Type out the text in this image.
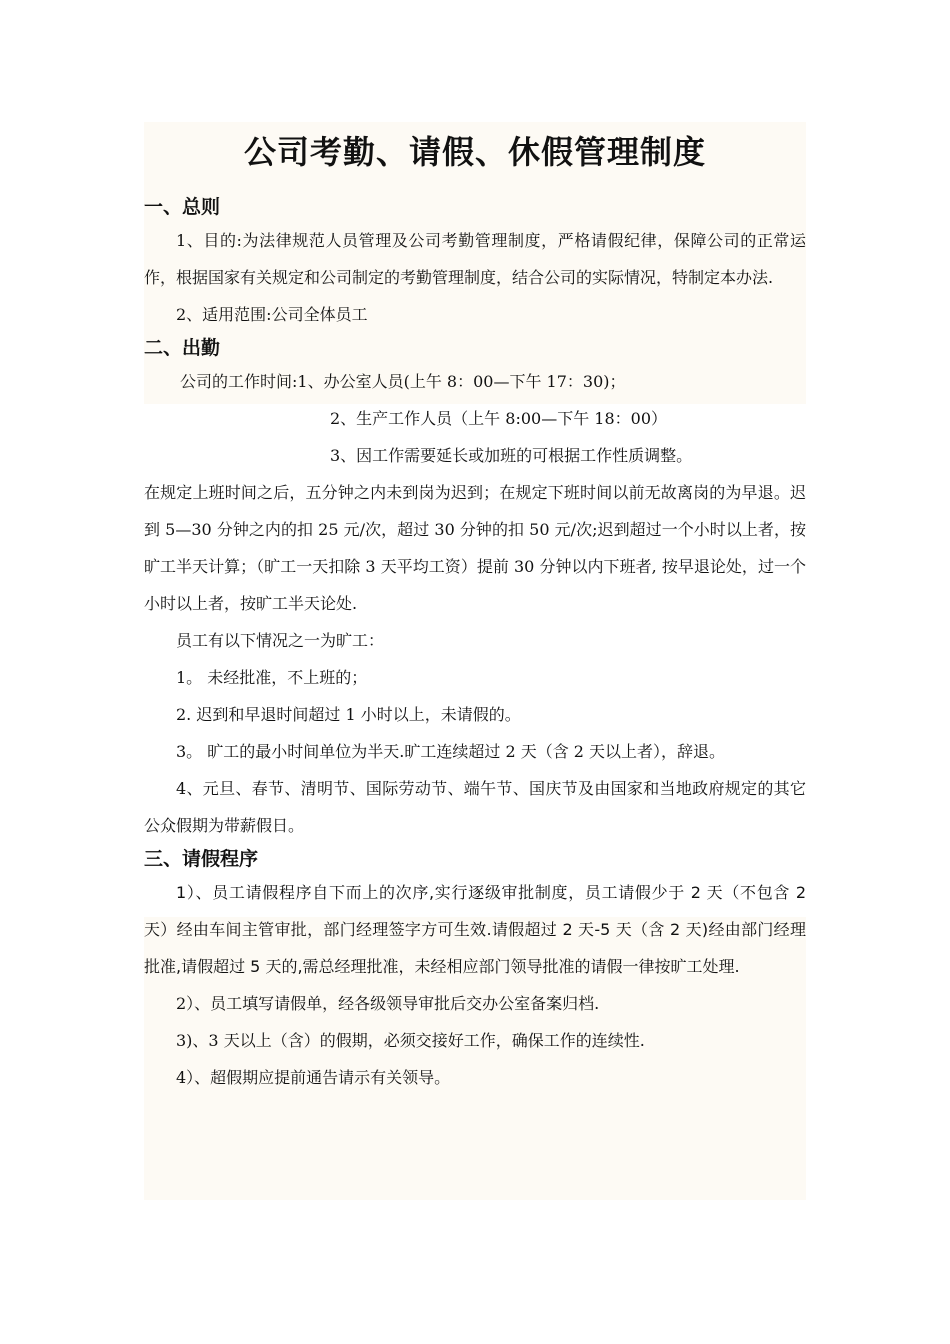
公司考勤、请假、休假管理制度
一、总则
1、目的:为法律规范人员管理及公司考勤管理制度，严格请假纪律，保障公司的正常运作，根据国家有关规定和公司制定的考勤管理制度，结合公司的实际情况，特制定本办法.
2、适用范围:公司全体员工
二、出勤
公司的工作时间:1、办公室人员(上午 8：00—下午 17：30)；
2、生产工作人员（上午 8:00—下午 18：00）
3、因工作需要延长或加班的可根据工作性质调整。
在规定上班时间之后，五分钟之内未到岗为迟到；在规定下班时间以前无故离岗的为早退。迟到 5—30 分钟之内的扣 25 元/次，超过 30 分钟的扣 50 元/次;迟到超过一个小时以上者，按旷工半天计算；（旷工一天扣除 3 天平均工资）提前 30 分钟以内下班者, 按早退论处，过一个小时以上者，按旷工半天论处.
员工有以下情况之一为旷工：
1。 未经批准，不上班的；
2. 迟到和早退时间超过 1 小时以上，未请假的。
3。 旷工的最小时间单位为半天.旷工连续超过 2 天（含 2 天以上者），辞退。
4、元旦、春节、清明节、国际劳动节、端午节、国庆节及由国家和当地政府规定的其它公众假期为带薪假日。
三、请假程序
1）、员工请假程序自下而上的次序,实行逐级审批制度，员工请假少于 2 天（不包含 2 天）经由车间主管审批，部门经理签字方可生效.请假超过 2 天-5 天（含 2 天)经由部门经理批准,请假超过 5 天的,需总经理批准，未经相应部门领导批准的请假一律按旷工处理.
2）、员工填写请假单，经各级领导审批后交办公室备案归档.
3)、3 天以上（含）的假期，必须交接好工作，确保工作的连续性.
4）、超假期应提前通告请示有关领导。
